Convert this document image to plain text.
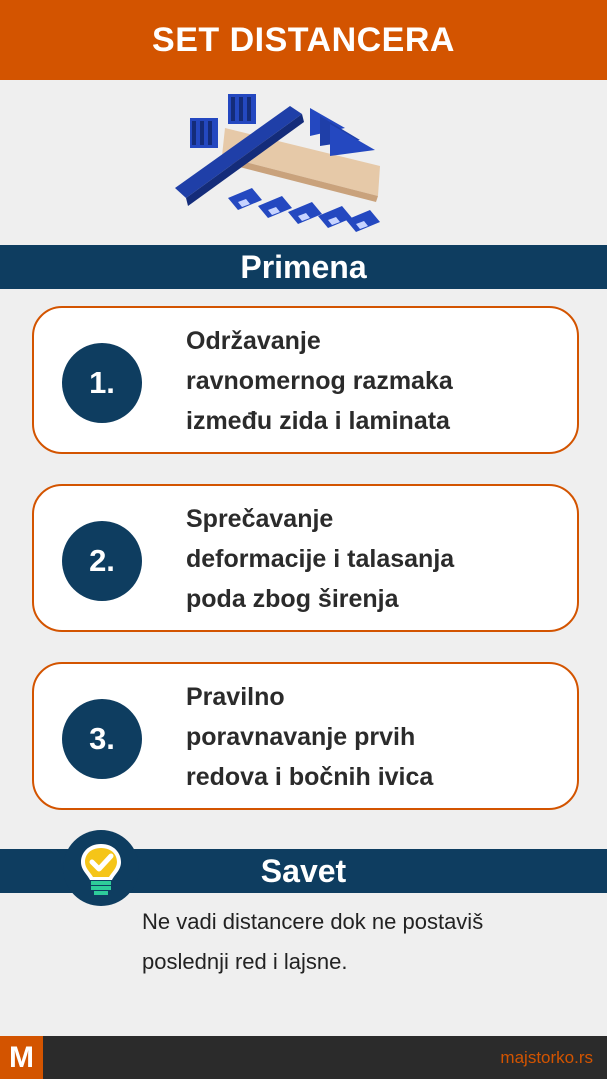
SET DISTANCERA
Primena
1.
Održavanje
ravnomernog razmaka
između zida i laminata
2.
Sprečavanje
deformacije i talasanja
poda zbog širenja
3.
Pravilno
poravnavanje prvih
redova i bočnih ivica
Savet
Ne vadi distancere dok ne postaviš
poslednji red i lajsne.
M	majstorko.rs
